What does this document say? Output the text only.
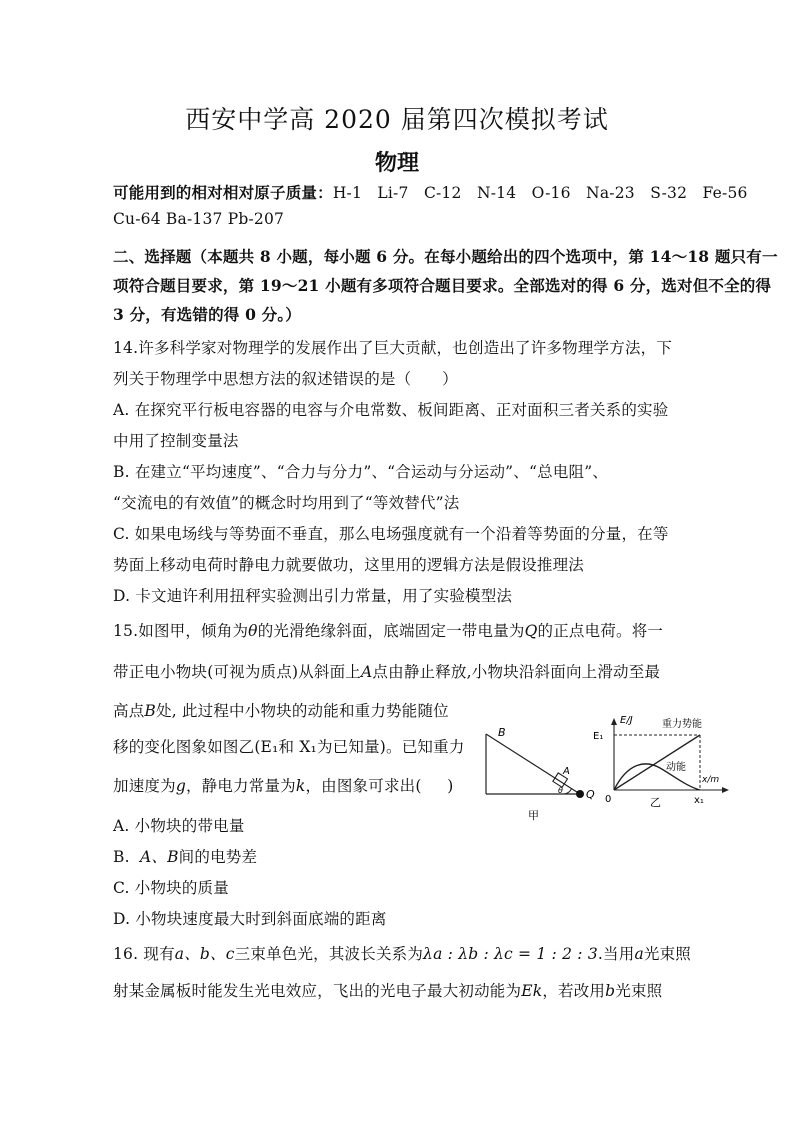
西安中学高 2020 届第四次模拟考试
物理
可能用到的相对相对原子质量：H-1   Li-7   C-12   N-14   O-16   Na-23   S-32   Fe-56
Cu-64 Ba-137 Pb-207
二、选择题（本题共 8 小题，每小题 6 分。在每小题给出的四个选项中，第 14～18 题只有一
项符合题目要求，第 19～21 小题有多项符合题目要求。全部选对的得 6 分，选对但不全的得
3 分，有选错的得 0 分。）
14.许多科学家对物理学的发展作出了巨大贡献，也创造出了许多物理学方法，下
列关于物理学中思想方法的叙述错误的是（      ）
A. 在探究平行板电容器的电容与介电常数、板间距离、正对面积三者关系的实验
中用了控制变量法
B. 在建立“平均速度”、“合力与分力”、“合运动与分运动”、“总电阻”、
“交流电的有效值”的概念时均用到了“等效替代”法
C. 如果电场线与等势面不垂直，那么电场强度就有一个沿着等势面的分量，在等
势面上移动电荷时静电力就要做功，这里用的逻辑方法是假设推理法
D. 卡文迪许利用扭秤实验测出引力常量，用了实验模型法
15.如图甲，倾角为θ的光滑绝缘斜面，底端固定一带电量为Q的正点电荷。将一
带正电小物块(可视为质点)从斜面上A点由静止释放,小物块沿斜面向上滑动至最
高点B处, 此过程中小物块的动能和重力势能随位
移的变化图象如图乙(E₁和 X₁为已知量)。已知重力
加速度为g，静电力常量为k，由图象可求出(     )
A. 小物块的带电量
B.  A、B间的电势差
C. 小物块的质量
D. 小物块速度最大时到斜面底端的距离
16. 现有a、b、c三束单色光，其波长关系为λa : λb : λc = 1 : 2 : 3.当用a光束照
射某金属板时能发生光电效应，飞出的光电子最大初动能为Ek，若改用b光束照
B
A
Q
θ
甲
E/J
E₁
重力势能
动能
x/m
0	乙	x₁
